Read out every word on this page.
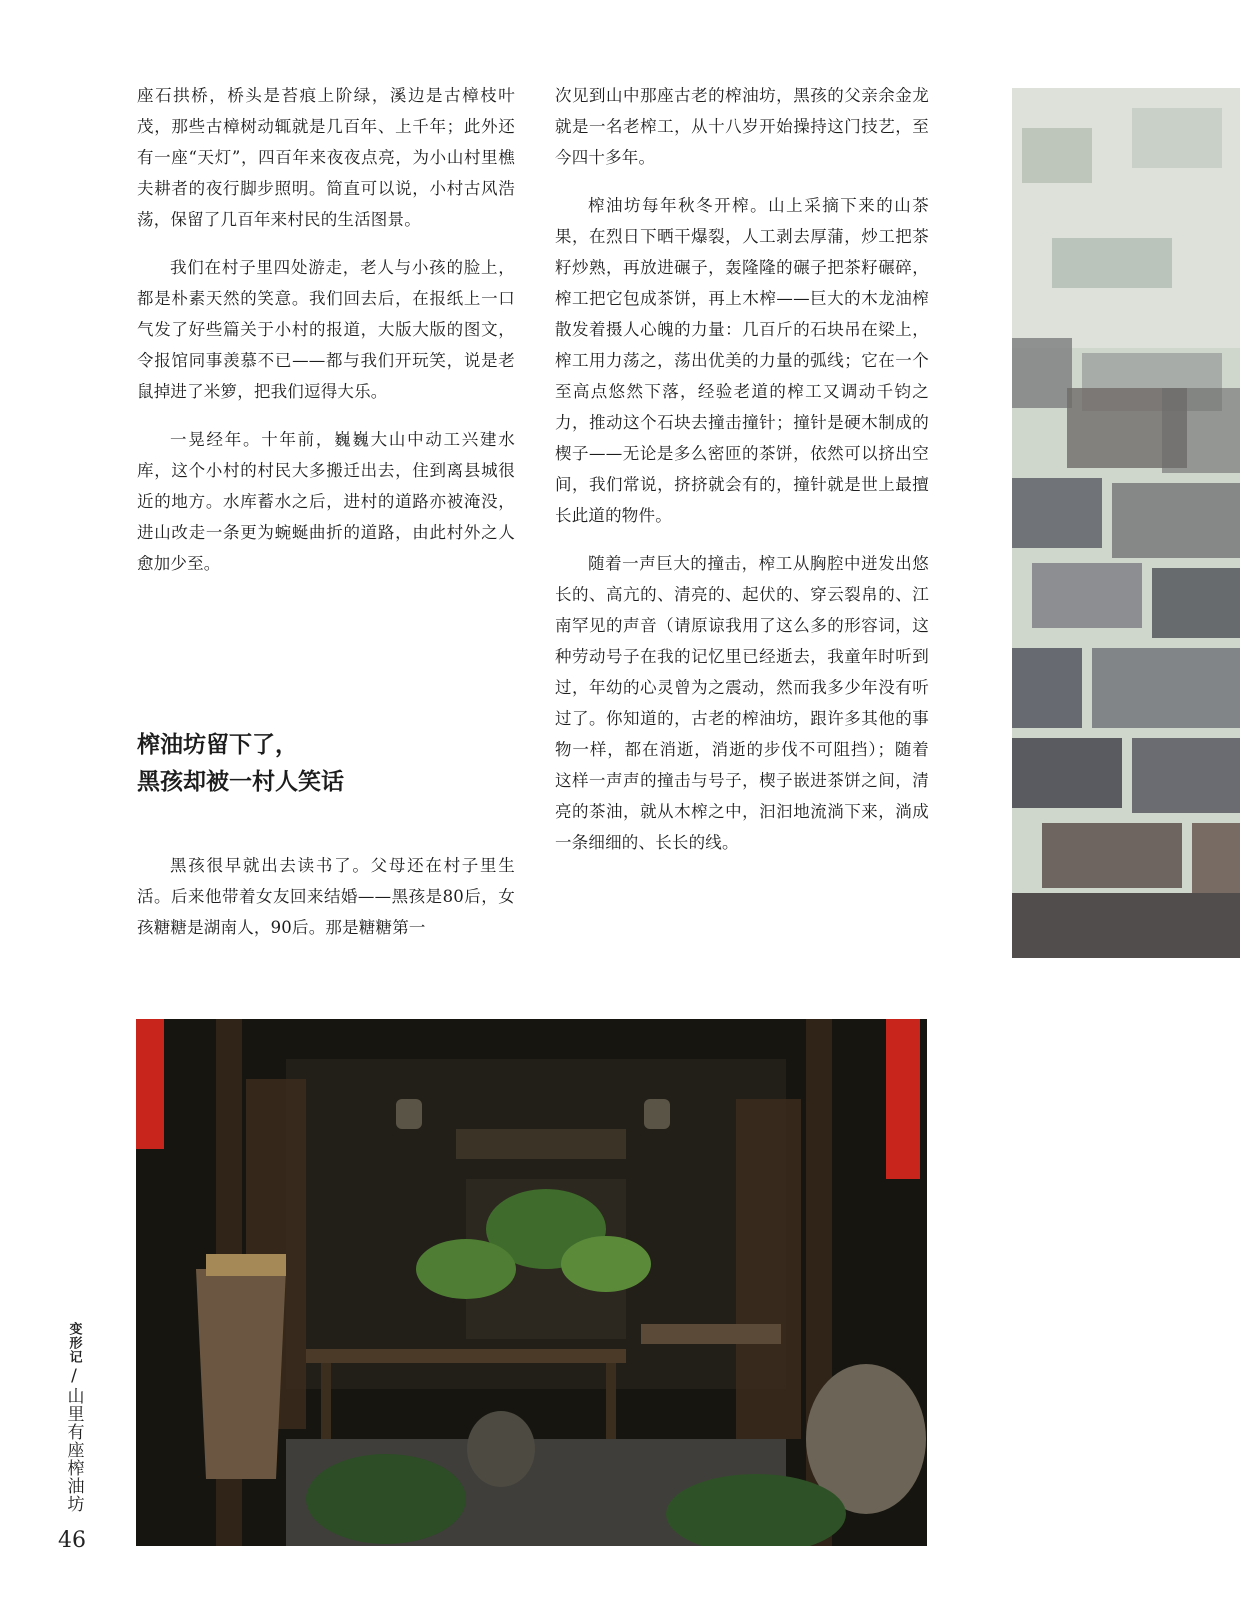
座石拱桥，桥头是苔痕上阶绿，溪边是古樟枝叶茂，那些古樟树动辄就是几百年、上千年；此外还有一座“天灯”，四百年来夜夜点亮，为小山村里樵夫耕者的夜行脚步照明。简直可以说，小村古风浩荡，保留了几百年来村民的生活图景。

我们在村子里四处游走，老人与小孩的脸上，都是朴素天然的笑意。我们回去后，在报纸上一口气发了好些篇关于小村的报道，大版大版的图文，令报馆同事羡慕不已——都与我们开玩笑，说是老鼠掉进了米箩，把我们逗得大乐。

一晃经年。十年前，巍巍大山中动工兴建水库，这个小村的村民大多搬迁出去，住到离县城很近的地方。水库蓄水之后，进村的道路亦被淹没，进山改走一条更为蜿蜒曲折的道路，由此村外之人愈加少至。

榨油坊留下了，
黑孩却被一村人笑话

黑孩很早就出去读书了。父母还在村子里生活。后来他带着女友回来结婚——黑孩是80后，女孩糖糖是湖南人，90后。那是糖糖第一

次见到山中那座古老的榨油坊，黑孩的父亲余金龙就是一名老榨工，从十八岁开始操持这门技艺，至今四十多年。

榨油坊每年秋冬开榨。山上采摘下来的山茶果，在烈日下晒干爆裂，人工剥去厚蒲，炒工把茶籽炒熟，再放进碾子，轰隆隆的碾子把茶籽碾碎，榨工把它包成茶饼，再上木榨——巨大的木龙油榨散发着摄人心魄的力量：几百斤的石块吊在梁上，榨工用力荡之，荡出优美的力量的弧线；它在一个至高点悠然下落，经验老道的榨工又调动千钧之力，推动这个石块去撞击撞针；撞针是硬木制成的楔子——无论是多么密匝的茶饼，依然可以挤出空间，我们常说，挤挤就会有的，撞针就是世上最擅长此道的物件。

随着一声巨大的撞击，榨工从胸腔中迸发出悠长的、高亢的、清亮的、起伏的、穿云裂帛的、江南罕见的声音（请原谅我用了这么多的形容词，这种劳动号子在我的记忆里已经逝去，我童年时听到过，年幼的心灵曾为之震动，然而我多少年没有听过了。你知道的，古老的榨油坊，跟许多其他的事物一样，都在消逝，消逝的步伐不可阻挡）；随着这样一声声的撞击与号子，楔子嵌进茶饼之间，清亮的茶油，就从木榨之中，汩汩地流淌下来，淌成一条细细的、长长的线。

变形记
/
山里有座榨油坊
46
